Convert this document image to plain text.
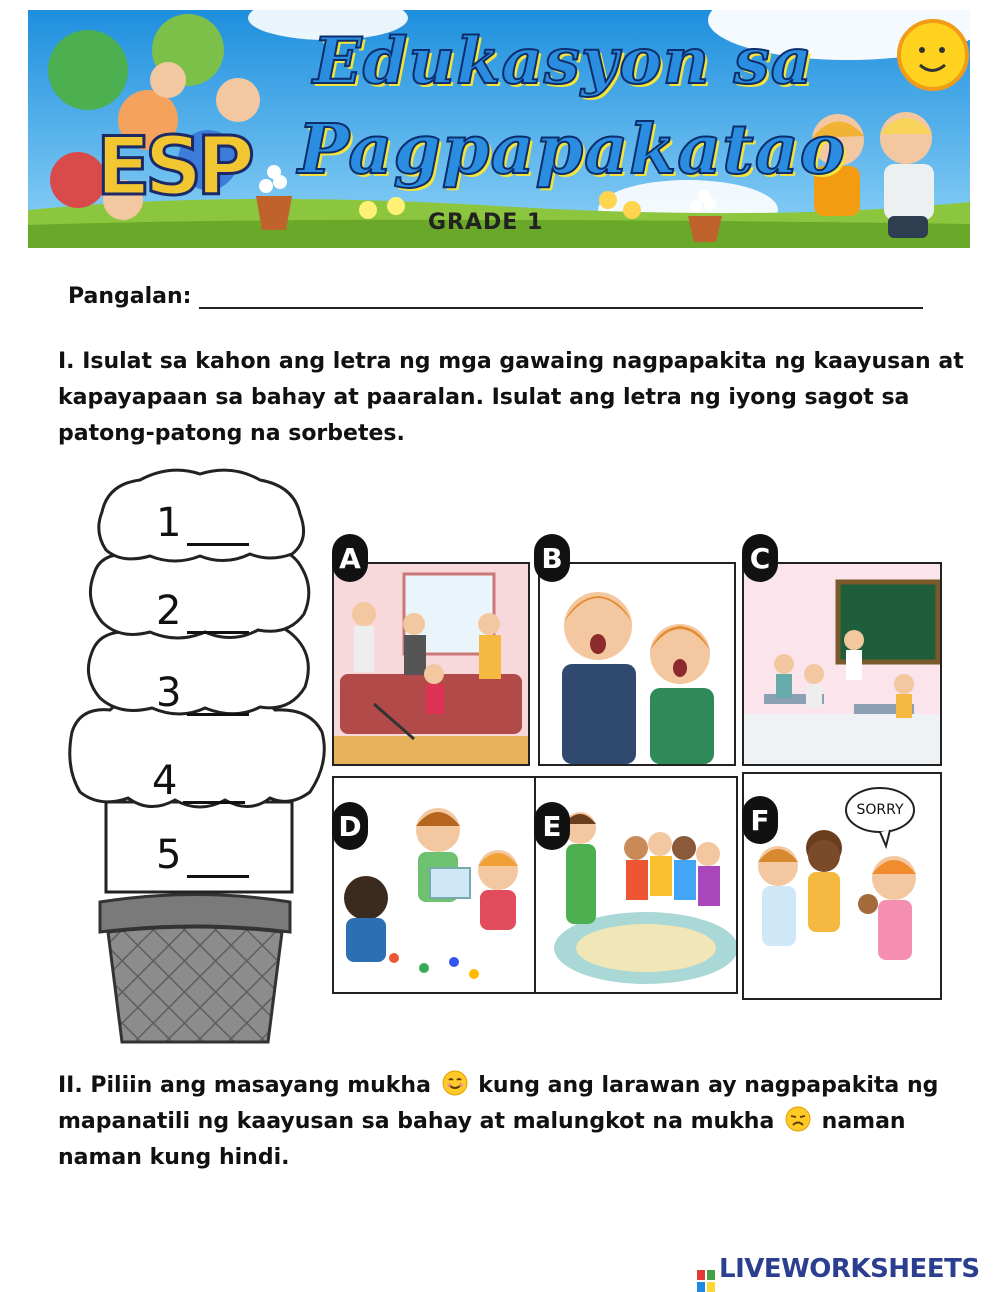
ESP
Edukasyon sa
Pagpapakatao
GRADE 1
Pangalan:
I. Isulat sa kahon ang letra ng mga gawaing nagpapakita ng kaayusan at kapayapaan sa bahay at paaralan. Isulat ang letra ng iyong sagot sa patong-patong na sorbetes.
1
2
3
4
5
A	B	C
D	E	SORRY
F
II. Piliin ang masayang mukha kung ang larawan ay nagpapakita ng mapanatili ng kaayusan sa bahay at malungkot na mukha naman naman kung hindi.
LIVEWORKSHEETS
